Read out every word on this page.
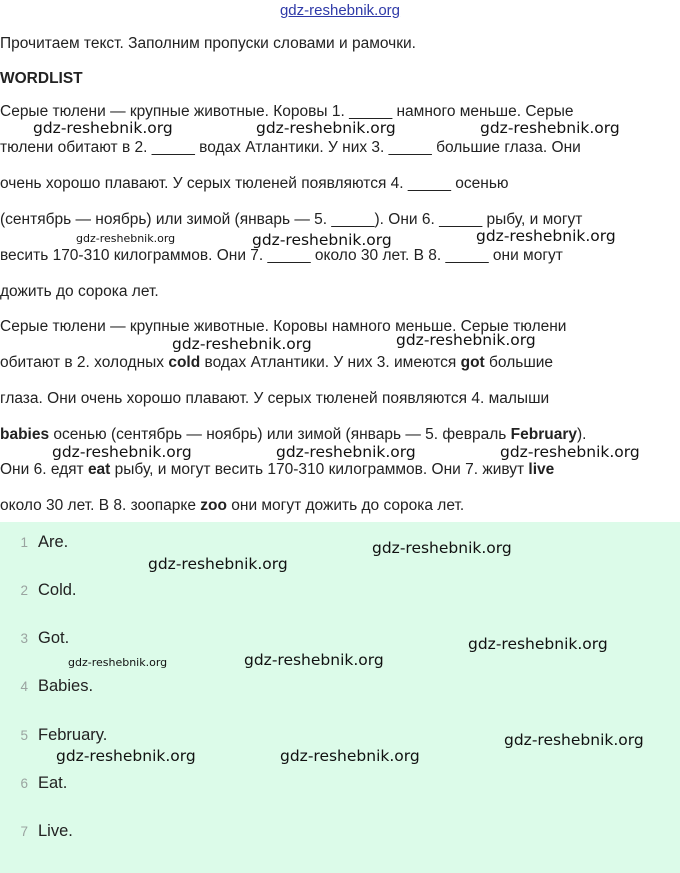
gdz-reshebnik.org
Прочитаем текст. Заполним пропуски словами и рамочки.
WORDLIST
Серые тюлени — крупные животные. Коровы 1. _____ намного меньше. Серые
тюлени обитают в 2. _____ водах Атлантики. У них 3. _____ большие глаза. Они
очень хорошо плавают. У серых тюленей появляются 4. _____ осенью
(сентябрь — ноябрь) или зимой (январь — 5. _____). Они 6. _____ рыбу, и могут
весить 170-310 килограммов. Они 7. _____ около 30 лет. В 8. _____ они могут
дожить до сорока лет.
Серые тюлени — крупные животные. Коровы намного меньше. Серые тюлени
обитают в 2. холодных cold водах Атлантики. У них 3. имеются got большие
глаза. Они очень хорошо плавают. У серых тюленей появляются 4. малыши
babies осенью (сентябрь — ноябрь) или зимой (январь — 5. февраль February).
Они 6. едят eat рыбу, и могут весить 170-310 килограммов. Они 7. живут live
около 30 лет. В 8. зоопарке zoo они могут дожить до сорока лет.
1 Are.
2 Cold.
3 Got.
4 Babies.
5 February.
6 Eat.
7 Live.
gdz-reshebnik.org	gdz-reshebnik.org	gdz-reshebnik.org
gdz-reshebnik.org	gdz-reshebnik.org	gdz-reshebnik.org
gdz-reshebnik.org
gdz-reshebnik.org
gdz-reshebnik.org	gdz-reshebnik.org	gdz-reshebnik.org
gdz-reshebnik.org
gdz-reshebnik.org
gdz-reshebnik.org
gdz-reshebnik.org	gdz-reshebnik.org
gdz-reshebnik.org
gdz-reshebnik.org	gdz-reshebnik.org
